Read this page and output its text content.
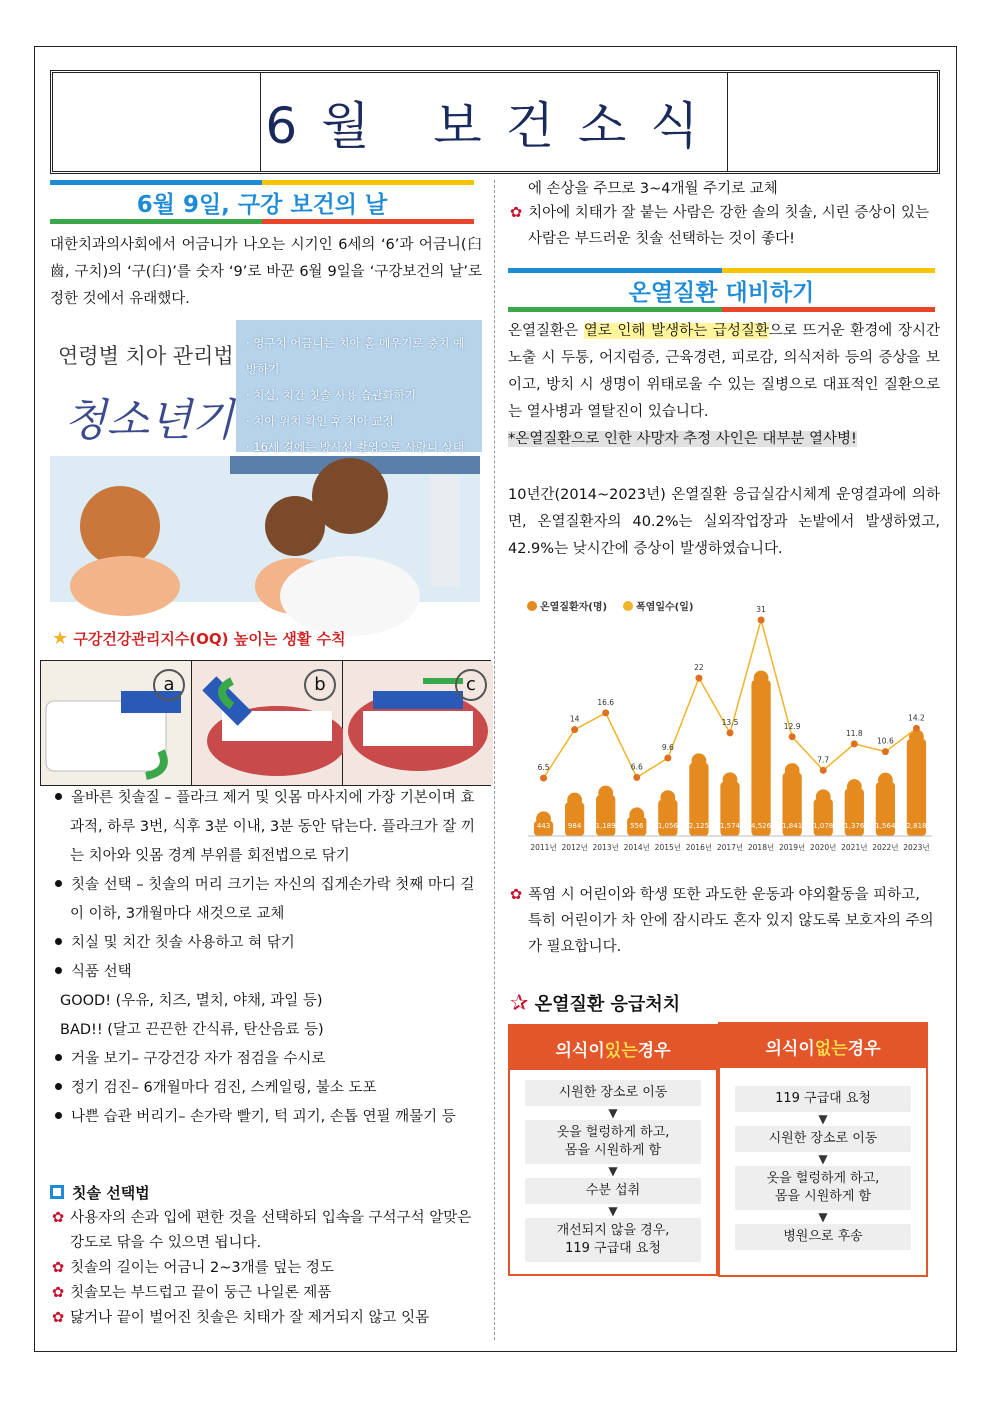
6월 보건소식
6월 9일, 구강 보건의 날

대한치과의사회에서 어금니가 나오는 시기인 6세의 ‘6’과 어금니(臼齒, 구치)의 ‘구(臼)’를 숫자 ‘9’로 바꾼 6월 9일을 ‘구강보건의 날’로 정한 것에서 유래했다.

연령별 치아 관리법
청소년기
· 영구치 어금니는 치아 홈 메우기로 충치 예방하기
· 치실, 치간 칫솔 사용 습관화하기
· 치아 위치 확인 후 치아 교정
· 16세 경에는 방사선 촬영으로 사랑니 상태
★ 구강건강관리지수(OQ) 높이는 생활 수칙
a	b	c
올바른 칫솔질 – 플라크 제거 및 잇몸 마사지에 가장 기본이며 효과적, 하루 3번, 식후 3분 이내, 3분 동안 닦는다. 플라크가 잘 끼는 치아와 잇몸 경계 부위를 회전법으로 닦기
칫솔 선택 – 칫솔의 머리 크기는 자신의 집게손가락 첫째 마디 길이 이하, 3개월마다 새것으로 교체
치실 및 치간 칫솔 사용하고 혀 닦기
식품 선택
GOOD! (우유, 치즈, 멸치, 야채, 과일 등)
BAD!! (달고 끈끈한 간식류, 탄산음료 등)
거울 보기– 구강건강 자가 점검을 수시로
정기 검진– 6개월마다 검진, 스케일링, 불소 도포
나쁜 습관 버리기– 손가락 빨기, 턱 괴기, 손톱 연필 깨물기 등
칫솔 선택법
✿ 사용자의 손과 입에 편한 것을 선택하되 입속을 구석구석 알맞은 강도로 닦을 수 있으면 됩니다.
✿ 칫솔의 길이는 어금니 2~3개를 덮는 정도
✿ 칫솔모는 부드럽고 끝이 둥근 나일론 제품
✿ 닳거나 끝이 벌어진 칫솔은 치태가 잘 제거되지 않고 잇몸
에 손상을 주므로 3~4개월 주기로 교체
✿ 치아에 치태가 잘 붙는 사람은 강한 솔의 칫솔, 시린 증상이 있는 사람은 부드러운 칫솔 선택하는 것이 좋다!
온열질환 대비하기

온열질환은 열로 인해 발생하는 급성질환으로 뜨거운 환경에 장시간 노출 시 두통, 어지럼증, 근육경련, 피로감, 의식저하 등의 증상을 보이고, 방치 시 생명이 위태로울 수 있는 질병으로 대표적인 질환으로는 열사병과 열탈진이 있습니다.
*온열질환으로 인한 사망자 추정 사인은 대부분 열사병!

10년간(2014~2023년) 온열질환 응급실감시체계 운영결과에 의하면, 온열질환자의 40.2%는 실외작업장과 논밭에서 발생하였고, 42.9%는 낮시간에 증상이 발생하였습니다.

온열질환자(명)	폭염일수(일)
443
2011년
984
2012년
1,189
2013년
556
2014년
1,056
2015년
2,125
2016년
1,574
2017년
4,526
2018년
1,841
2019년
1,078
2020년
1,376
2021년
1,564
2022년
2,818
2023년
6.5
14
16.6
6.6
9.6
22
13.5
31
12.9
7.7
11.8
10.6
14.2
✿ 폭염 시 어린이와 학생 또한 과도한 운동과 야외활동을 피하고, 특히 어린이가 차 안에 잠시라도 혼자 있지 않도록 보호자의 주의가 필요합니다.
✰ 온열질환 응급처치
의식이 있는 경우
시원한 장소로 이동
▼
옷을 헐렁하게 하고,
몸을 시원하게 함
▼
수분 섭취
▼
개선되지 않을 경우,
119 구급대 요청
의식이 없는 경우
119 구급대 요청
▼
시원한 장소로 이동
▼
옷을 헐렁하게 하고,
몸을 시원하게 함
▼
병원으로 후송
